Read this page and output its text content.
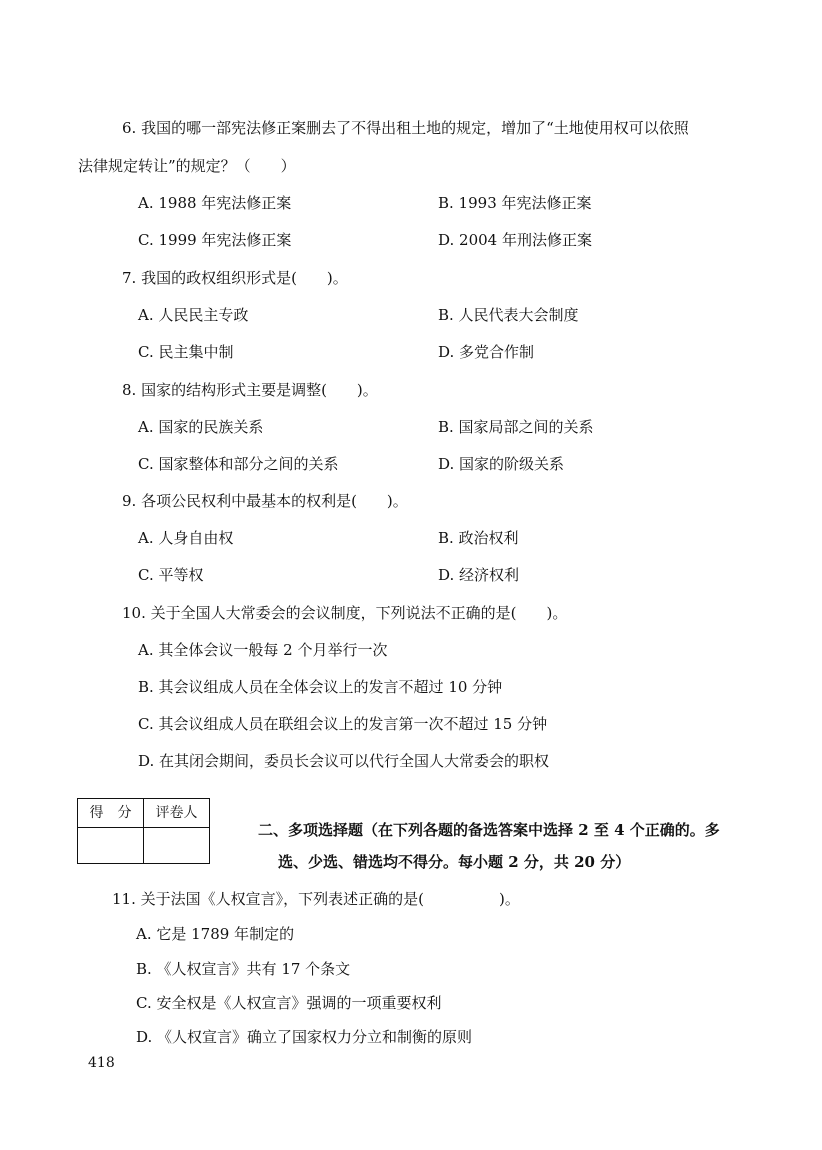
6. 我国的哪一部宪法修正案删去了不得出租土地的规定，增加了“土地使用权可以依照
法律规定转让”的规定？（　　）
A. 1988 年宪法修正案	B. 1993 年宪法修正案
C. 1999 年宪法修正案	D. 2004 年刑法修正案
7. 我国的政权组织形式是(　　)。
A. 人民民主专政	B. 人民代表大会制度
C. 民主集中制	D. 多党合作制
8. 国家的结构形式主要是调整(　　)。
A. 国家的民族关系	B. 国家局部之间的关系
C. 国家整体和部分之间的关系	D. 国家的阶级关系
9. 各项公民权利中最基本的权利是(　　)。
A. 人身自由权	B. 政治权利
C. 平等权	D. 经济权利
10. 关于全国人大常委会的会议制度，下列说法不正确的是(　　)。
A. 其全体会议一般每 2 个月举行一次
B. 其会议组成人员在全体会议上的发言不超过 10 分钟
C. 其会议组成人员在联组会议上的发言第一次不超过 15 分钟
D. 在其闭会期间，委员长会议可以代行全国人大常委会的职权
得　分	评卷人

二、多项选择题（在下列各题的备选答案中选择 2 至 4 个正确的。多
选、少选、错选均不得分。每小题 2 分，共 20 分）
11. 关于法国《人权宣言》，下列表述正确的是(　　　　　)。
A. 它是 1789 年制定的
B. 《人权宣言》共有 17 个条文
C. 安全权是《人权宣言》强调的一项重要权利
D. 《人权宣言》确立了国家权力分立和制衡的原则
418
